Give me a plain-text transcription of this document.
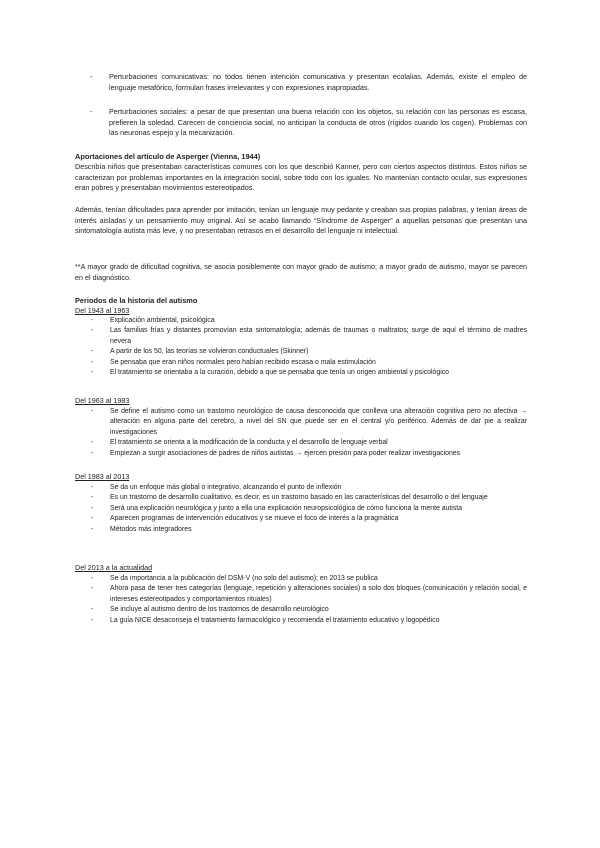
- Perturbaciones comunicativas: no todos tienen intención comunicativa y presentan ecolalias. Además, existe el empleo de lenguaje metafórico, formulan frases irrelevantes y con expresiones inapropiadas.
- Perturbaciones sociales: a pesar de que presentan una buena relación con los objetos, su relación con las personas es escasa, prefieren la soledad. Carecen de conciencia social, no anticipan la conducta de otros (rígidos cuando los cogen). Problemas con las neuronas espejo y la mecanización.
Aportaciones del artículo de Asperger (Vienna, 1944)

Describía niños que presentaban características comunes con los que describió Kanner, pero con ciertos aspectos distintos. Estos niños se caracterizan por problemas importantes en la integración social, sobre todo con los iguales. No mantenían contacto ocular, sus expresiones eran pobres y presentaban movimientos estereotipados.

Además, tenían dificultades para aprender por imitación, tenían un lenguaje muy pedante y creaban sus propias palabras, y tenían áreas de interés aisladas y un pensamiento muy original. Así se acabó llamando “Síndrome de Asperger” a aquellas personas que presentan una sintomatología autista más leve, y no presentaban retrasos en el desarrollo del lenguaje ni intelectual.

**A mayor grado de dificultad cognitiva, se asocia posiblemente con mayor grado de autismo; a mayor grado de autismo, mayor se parecen en el diagnóstico.

Periodos de la historia del autismo
Del 1943 al 1963
- Explicación ambiental, psicológica
- Las familias frías y distantes promovían esta sintomatología; además de traumas o maltratos; surge de aquí el término de madres nevera
- A partir de los 50, las teorías se volvieron conductuales (Skinner)
- Se pensaba que eran niños normales pero habían recibido escasa o mala estimulación
- El tratamiento se orientaba a la curación, debido a que se pensaba que tenía un origen ambiental y psicológico
Del 1963 al 1983
- Se define el autismo como un trastorno neurológico de causa desconocida que conlleva una alteración cognitiva pero no afectiva → alteración en alguna parte del cerebro, a nivel del SN que puede ser en el central y/o periférico. Además de dar pie a realizar investigaciones
- El tratamiento se orienta a la modificación de la conducta y el desarrollo de lenguaje verbal
- Empiezan a surgir asociaciones de padres de niños autistas → ejercen presión para poder realizar investigaciones
Del 1983 al 2013
- Se da un enfoque más global o integrativo, alcanzando el punto de inflexión
- Es un trastorno de desarrollo cualitativo, es decir, es un trastorno basado en las características del desarrollo o del lenguaje
- Será una explicación neurológica y junto a ella una explicación neuropsicológica de cómo funciona la mente autista
- Aparecen programas de intervención educativos y se mueve el foco de interés a la pragmática
- Métodos más integradores
Del 2013 a la actualidad
- Se da importancia a la publicación del DSM-V (no solo del autismo); en 2013 se publica
- Ahora pasa de tener tres categorías (lenguaje, repetición y alteraciones sociales) a solo dos bloques (comunicación y relación social, e intereses estereotipados y comportamientos rituales)
- Se incluye al autismo dentro de los trastornos de desarrollo neurológico
- La guía NICE desaconseja el tratamiento farmacológico y recomienda el tratamiento educativo y logopédico
